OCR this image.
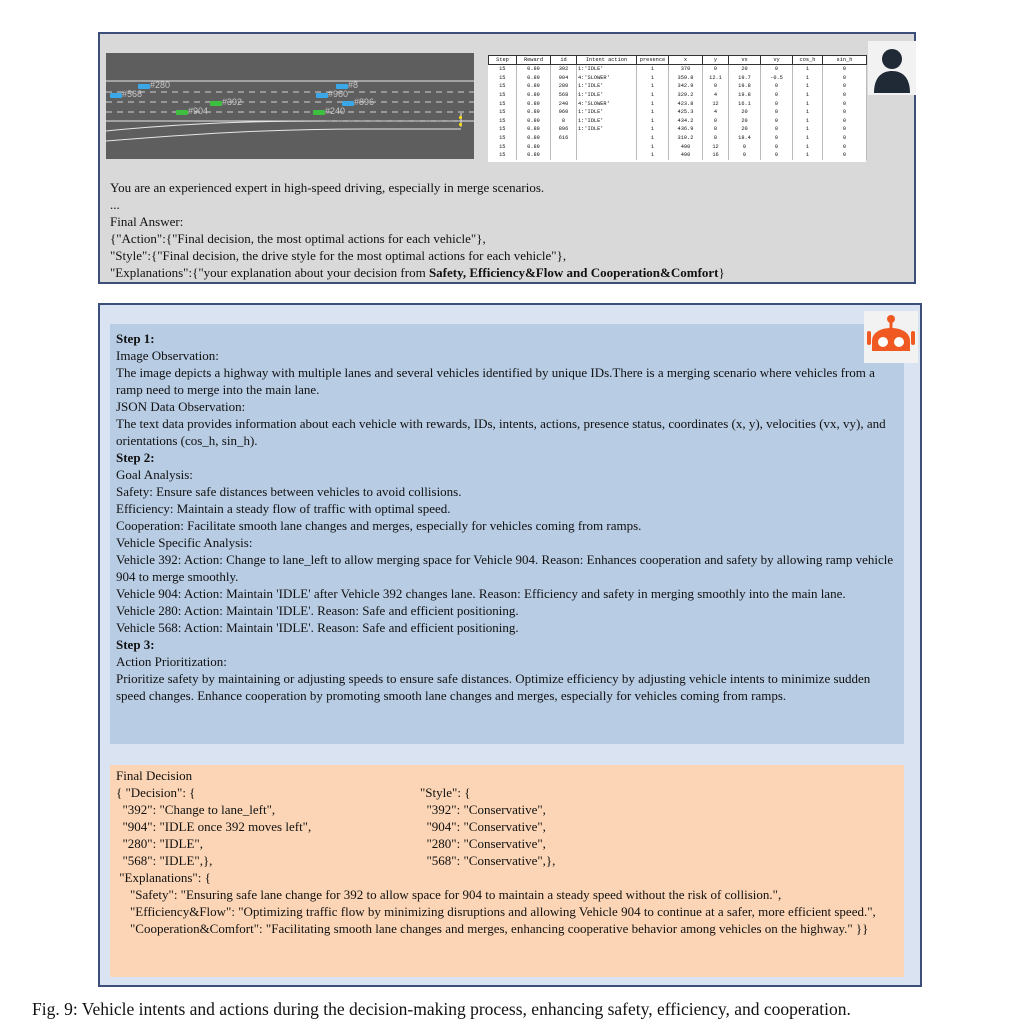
#280
#568
#392
#904
#8
#960
#896
#240
Step	Reward	id	Intent action	presence	x	y	vx	vy	cos_h	sin_h
15	0.89	392	1:'IDLE'	1	370	0	20	0	1	0
15	0.89	904	4:'SLOWER'	1	359.8	12.1	19.7	-0.5	1	0
15	0.89	280	1:'IDLE'	1	342.9	0	19.8	0	1	0
15	0.89	568	1:'IDLE'	1	329.2	4	19.8	0	1	0
15	0.89	240	4:'SLOWER'	1	423.8	12	16.1	0	1	0
15	0.89	960	1:'IDLE'	1	425.3	4	20	0	1	0
15	0.89	8	1:'IDLE'	1	434.2	0	20	0	1	0
15	0.89	896	1:'IDLE'	1	436.9	8	20	0	1	0
15	0.89	616		1	310.2	8	18.4	0	1	0
15	0.89			1	490	12	0	0	1	0
15	0.89			1	490	16	0	0	1	0
You are an experienced expert in high-speed driving, especially in merge scenarios.
...
Final Answer:
{"Action":{"Final decision, the most optimal actions for each vehicle"},
"Style":{"Final decision, the drive style for the most optimal actions for each vehicle"},
"Explanations":{"your explanation about your decision from Safety, Efficiency&Flow and Cooperation&Comfort}
Step 1:
Image Observation:
The image depicts a highway with multiple lanes and several vehicles identified by unique IDs.There is a merging scenario where vehicles from a ramp need to merge into the main lane.
JSON Data Observation:
The text data provides information about each vehicle with rewards, IDs, intents, actions, presence status, coordinates (x, y), velocities (vx, vy), and orientations (cos_h, sin_h).
Step 2:
Goal Analysis:
Safety: Ensure safe distances between vehicles to avoid collisions.
Efficiency: Maintain a steady flow of traffic with optimal speed.
Cooperation: Facilitate smooth lane changes and merges, especially for vehicles coming from ramps.
Vehicle Specific Analysis:
Vehicle 392: Action: Change to lane_left to allow merging space for Vehicle 904. Reason: Enhances cooperation and safety by allowing ramp vehicle 904 to merge smoothly.
Vehicle 904: Action: Maintain 'IDLE' after Vehicle 392 changes lane. Reason: Efficiency and safety in merging smoothly into the main lane.
Vehicle 280: Action: Maintain 'IDLE'. Reason: Safe and efficient positioning.
Vehicle 568: Action: Maintain 'IDLE'. Reason: Safe and efficient positioning.
Step 3:
Action Prioritization:
Prioritize safety by maintaining or adjusting speeds to ensure safe distances. Optimize efficiency by adjusting vehicle intents to minimize sudden speed changes. Enhance cooperation by promoting smooth lane changes and merges, especially for vehicles coming from ramps.
Final Decision
{ "Decision": {	"Style": {
"392": "Change to lane_left",	"392": "Conservative",
"904": "IDLE once 392 moves left",	"904": "Conservative",
"280": "IDLE",	"280": "Conservative",
"568": "IDLE",},	"568": "Conservative",},
"Explanations": {
"Safety": "Ensuring safe lane change for 392 to allow space for 904 to maintain a steady speed without the risk of collision.",
"Efficiency&Flow": "Optimizing traffic flow by minimizing disruptions and allowing Vehicle 904 to continue at a safer, more efficient speed.",
"Cooperation&Comfort": "Facilitating smooth lane changes and merges, enhancing cooperative behavior among vehicles on the highway." }}
Fig. 9: Vehicle intents and actions during the decision-making process, enhancing safety, efficiency, and cooperation.
